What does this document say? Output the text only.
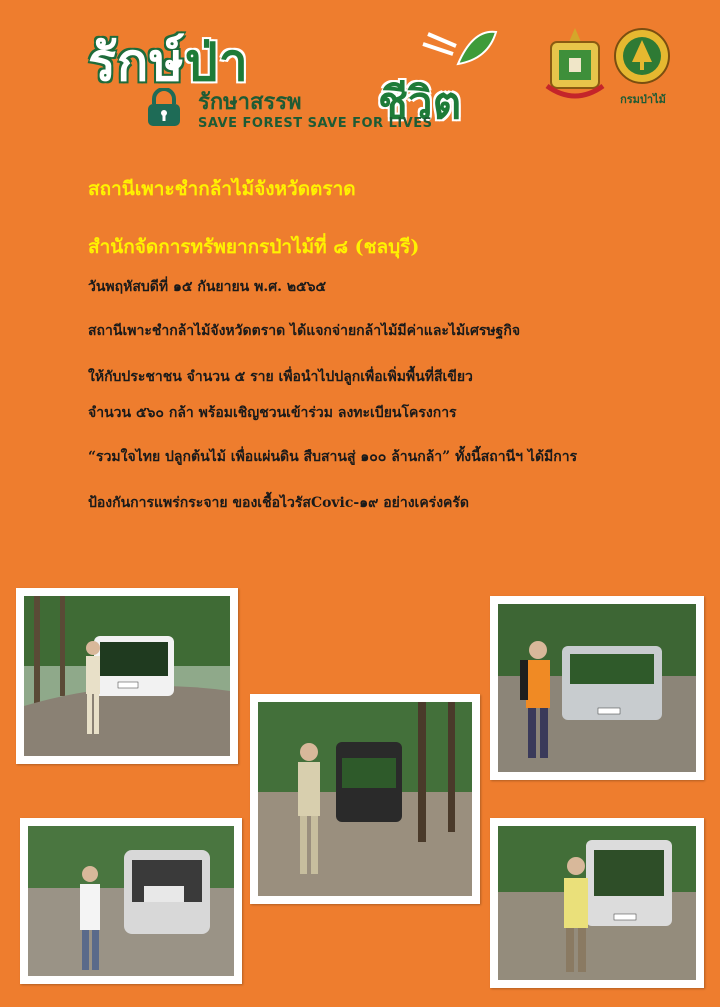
รักษ์ป่า
รักษาสรรพ ชีวิต
SAVE FOREST SAVE FOR LIVES
กรมป่าไม้

สถานีเพาะชำกล้าไม้จังหวัดตราด

สำนักจัดการทรัพยากรป่าไม้ที่ ๘ (ชลบุรี)

วันพฤหัสบดีที่ ๑๕ กันยายน พ.ศ. ๒๕๖๕

สถานีเพาะชำกล้าไม้จังหวัดตราด ได้แจกจ่ายกล้าไม้มีค่าและไม้เศรษฐกิจ

ให้กับประชาชน จำนวน ๕ ราย เพื่อนำไปปลูกเพื่อเพิ่มพื้นที่สีเขียว

จำนวน ๕๖๐ กล้า พร้อมเชิญชวนเข้าร่วม ลงทะเบียนโครงการ

“รวมใจไทย ปลูกต้นไม้ เพื่อแผ่นดิน สืบสานสู่ ๑๐๐ ล้านกล้า” ทั้งนี้สถานีฯ ได้มีการ

ป้องกันการแพร่กระจาย ของเชื้อไวรัสCovic-๑๙ อย่างเคร่งครัด
